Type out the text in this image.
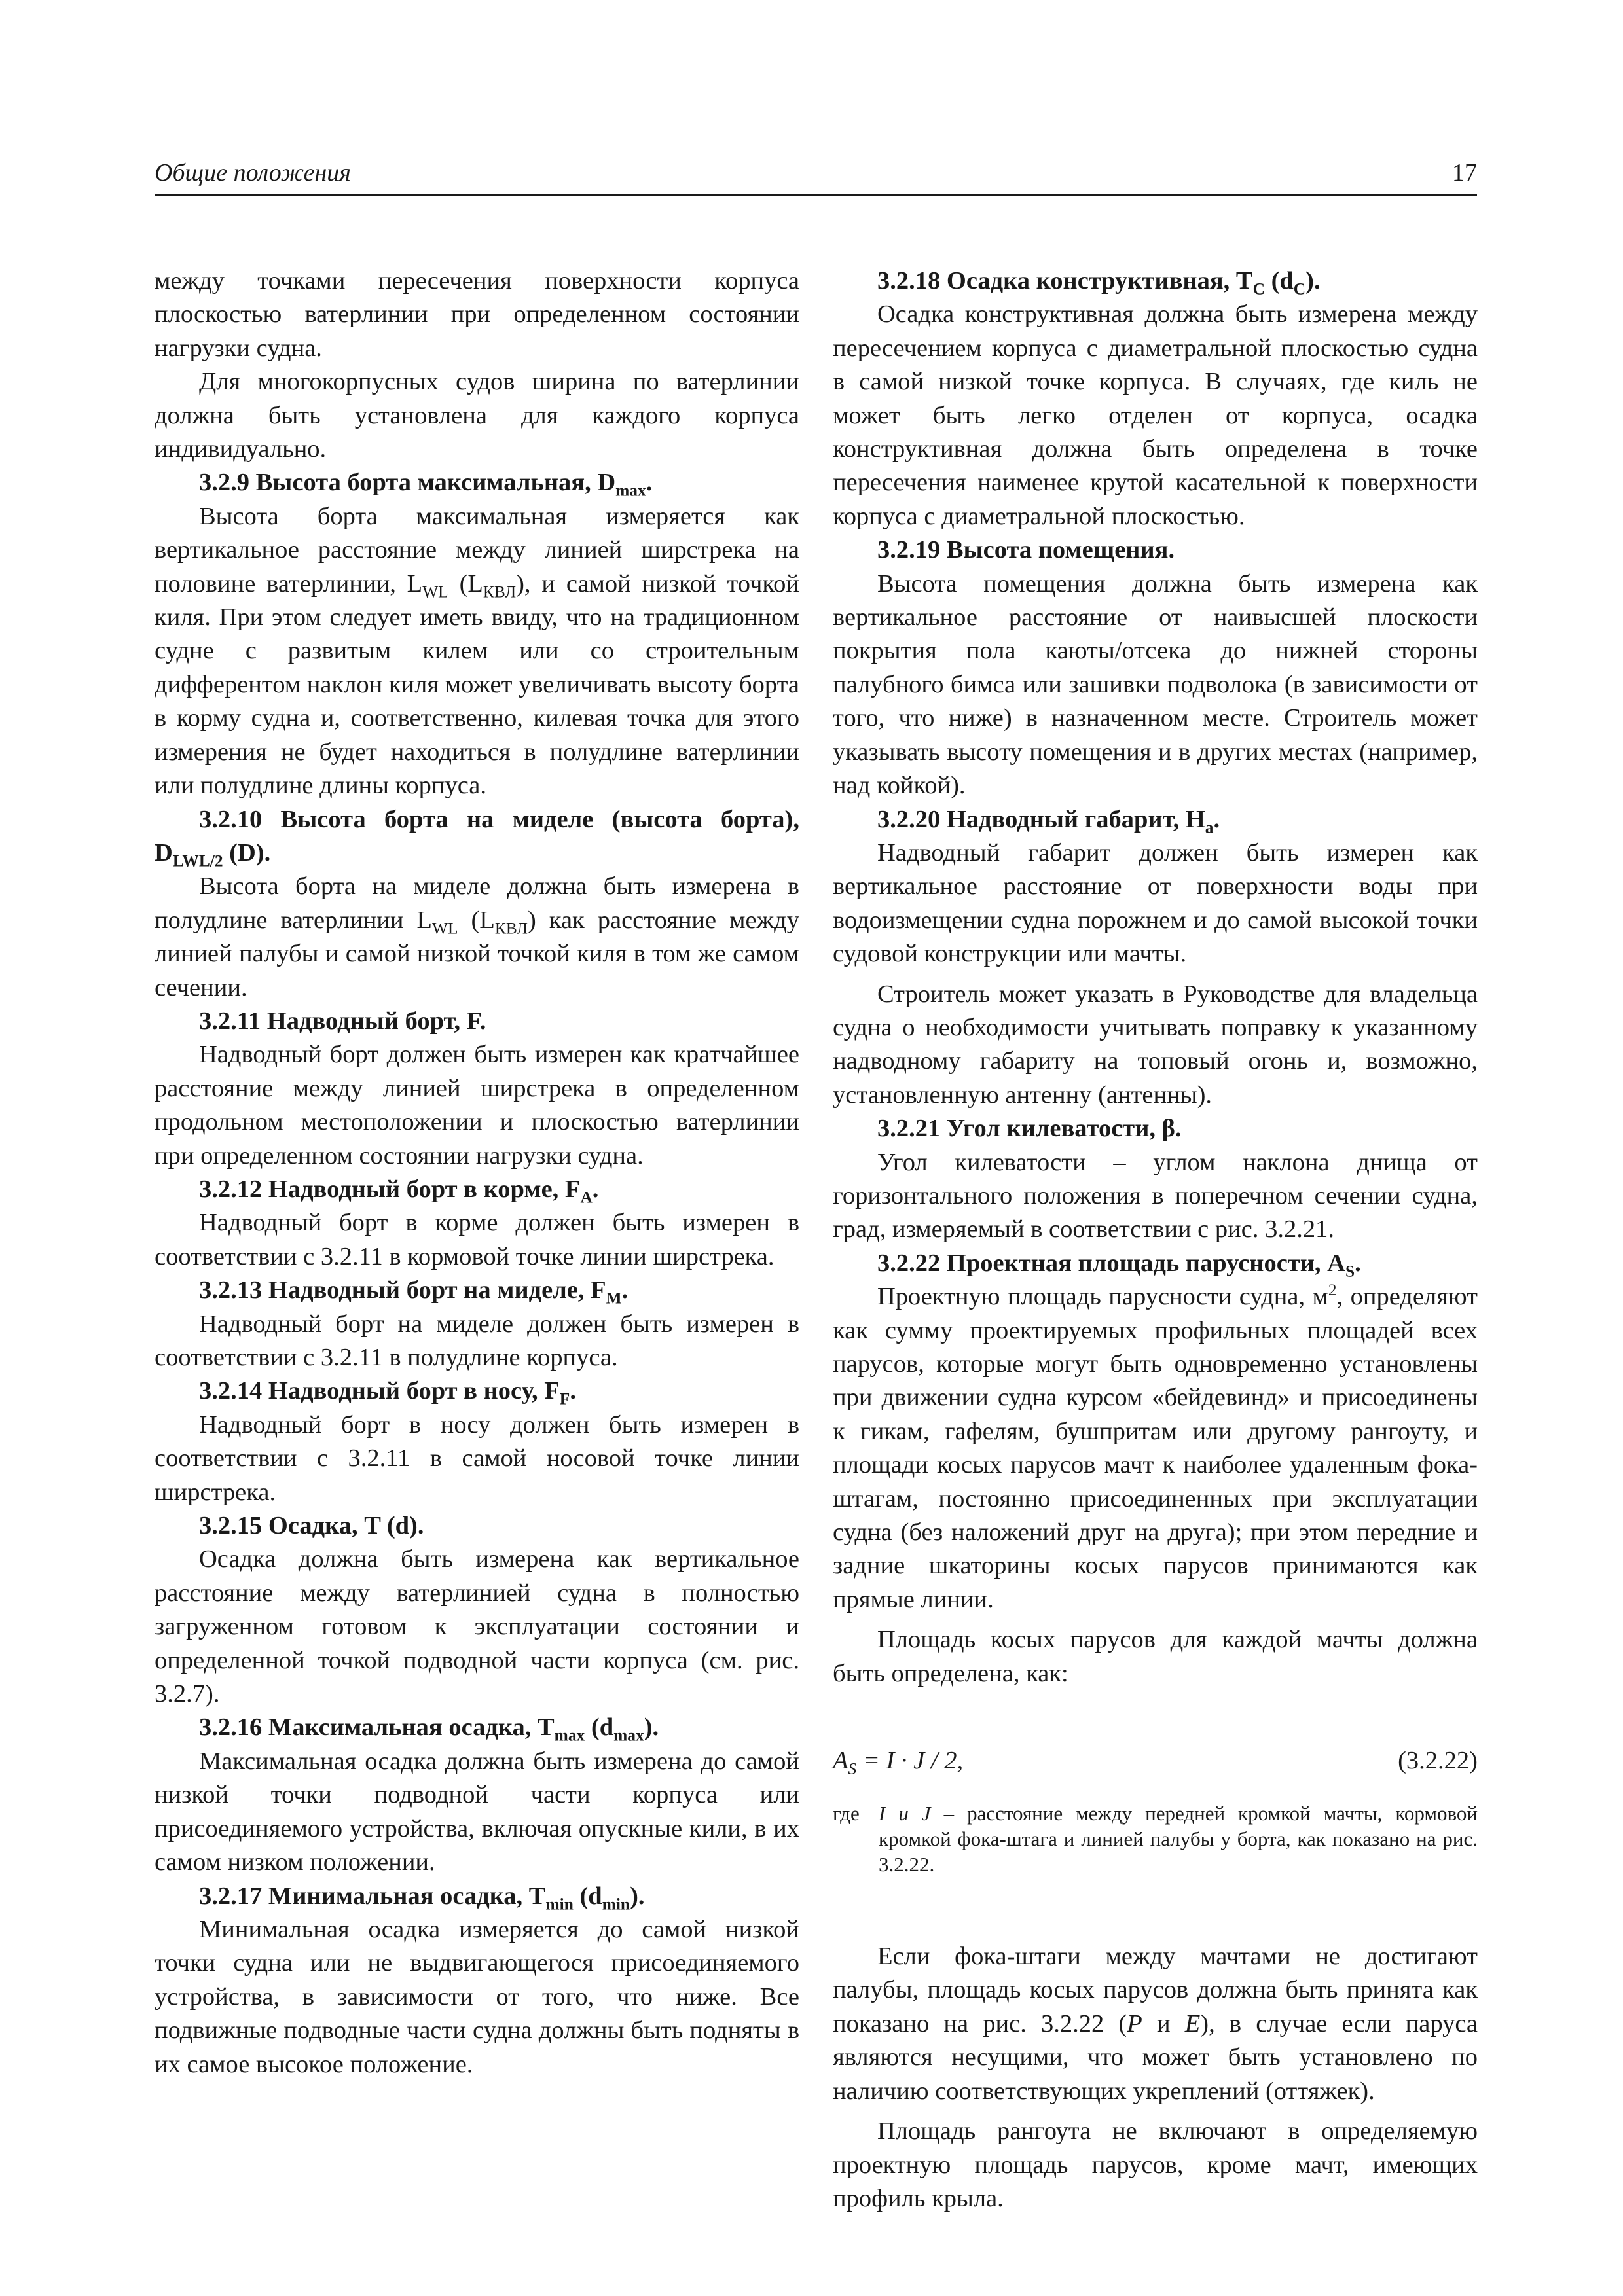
Общие положения	17

между точками пересечения поверхности корпуса плоскостью ватерлинии при определенном состоянии нагрузки судна.

Для многокорпусных судов ширина по ватерлинии должна быть установлена для каждого корпуса индивидуально.

3.2.9 Высота борта максимальная, $D_{max}$.

Высота борта максимальная измеряется как вертикальное расстояние между линией ширстрека на половине ватерлинии, $L_{WL}$ $(L_{КВЛ})$, и самой низкой точкой киля. При этом следует иметь ввиду, что на традиционном судне с развитым килем или со строительным дифферентом наклон киля может увеличивать высоту борта в корму судна и, соответственно, килевая точка для этого измерения не будет находиться в полудлине ватерлинии или полудлине длины корпуса.

3.2.10 Высота борта на миделе (высота борта), $D_{LWL/2}$ (D).

Высота борта на миделе должна быть измерена в полудлине ватерлинии $L_{WL}$ $(L_{КВЛ})$ как расстояние между линией палубы и самой низкой точкой киля в том же самом сечении.

3.2.11 Надводный борт, F.

Надводный борт должен быть измерен как кратчайшее расстояние между линией ширстрека в определенном продольном местоположении и плоскостью ватерлинии при определенном состоянии нагрузки судна.

3.2.12 Надводный борт в корме, $F_A$.

Надводный борт в корме должен быть измерен в соответствии с 3.2.11 в кормовой точке линии ширстрека.

3.2.13 Надводный борт на миделе, $F_M$.

Надводный борт на миделе должен быть измерен в соответствии с 3.2.11 в полудлине корпуса.

3.2.14 Надводный борт в носу, $F_F$.

Надводный борт в носу должен быть измерен в соответствии с 3.2.11 в самой носовой точке линии ширстрека.

3.2.15 Осадка, T (d).

Осадка должна быть измерена как вертикальное расстояние между ватерлинией судна в полностью загруженном готовом к эксплуатации состоянии и определенной точкой подводной части корпуса (см. рис. 3.2.7).

3.2.16 Максимальная осадка, $T_{max}$ $(d_{max})$.

Максимальная осадка должна быть измерена до самой низкой точки подводной части корпуса или присоединяемого устройства, включая опускные кили, в их самом низком положении.

3.2.17 Минимальная осадка, $T_{min}$ $(d_{min})$.

Минимальная осадка измеряется до самой низкой точки судна или не выдвигающегося присоединяемого устройства, в зависимости от того, что ниже. Все подвижные подводные части судна должны быть подняты в их самое высокое положение.

3.2.18 Осадка конструктивная, $T_C$ $(d_C)$.

Осадка конструктивная должна быть измерена между пересечением корпуса с диаметральной плоскостью судна в самой низкой точке корпуса. В случаях, где киль не может быть легко отделен от корпуса, осадка конструктивная должна быть определена в точке пересечения наименее крутой касательной к поверхности корпуса с диаметральной плоскостью.

3.2.19 Высота помещения.

Высота помещения должна быть измерена как вертикальное расстояние от наивысшей плоскости покрытия пола каюты/отсека до нижней стороны палубного бимса или зашивки подволока (в зависимости от того, что ниже) в назначенном месте. Строитель может указывать высоту помещения и в других местах (например, над койкой).

3.2.20 Надводный габарит, $H_a$.

Надводный габарит должен быть измерен как вертикальное расстояние от поверхности воды при водоизмещении судна порожнем и до самой высокой точки судовой конструкции или мачты.

Строитель может указать в Руководстве для владельца судна о необходимости учитывать поправку к указанному надводному габариту на топовый огонь и, возможно, установленную антенну (антенны).

3.2.21 Угол килеватости, β.

Угол килеватости – углом наклона днища от горизонтального положения в поперечном сечении судна, град, измеряемый в соответствии с рис. 3.2.21.

3.2.22 Проектная площадь парусности, $A_S$.

Проектную площадь парусности судна, $м^2$, определяют как сумму проектируемых профильных площадей всех парусов, которые могут быть одновременно установлены при движении судна курсом «бейдевинд» и присоединены к гикам, гафелям, бушпритам или другому рангоуту, и площади косых парусов мачт к наиболее удаленным фока-штагам, постоянно присоединенных при эксплуатации судна (без наложений друг на друга); при этом передние и задние шкаторины косых парусов принимаются как прямые линии.

Площадь косых парусов для каждой мачты должна быть определена, как:

$A_S = I \cdot J / 2$,	(3.2.22)
где I и J – расстояние между передней кромкой мачты, кормовой кромкой фока-штага и линией палубы у борта, как показано на рис. 3.2.22.

Если фока-штаги между мачтами не достигают палубы, площадь косых парусов должна быть принята как показано на рис. 3.2.22 (P и E), в случае если паруса являются несущими, что может быть установлено по наличию соответствующих укреплений (оттяжек).

Площадь рангоута не включают в определяемую проектную площадь парусов, кроме мачт, имеющих профиль крыла.
